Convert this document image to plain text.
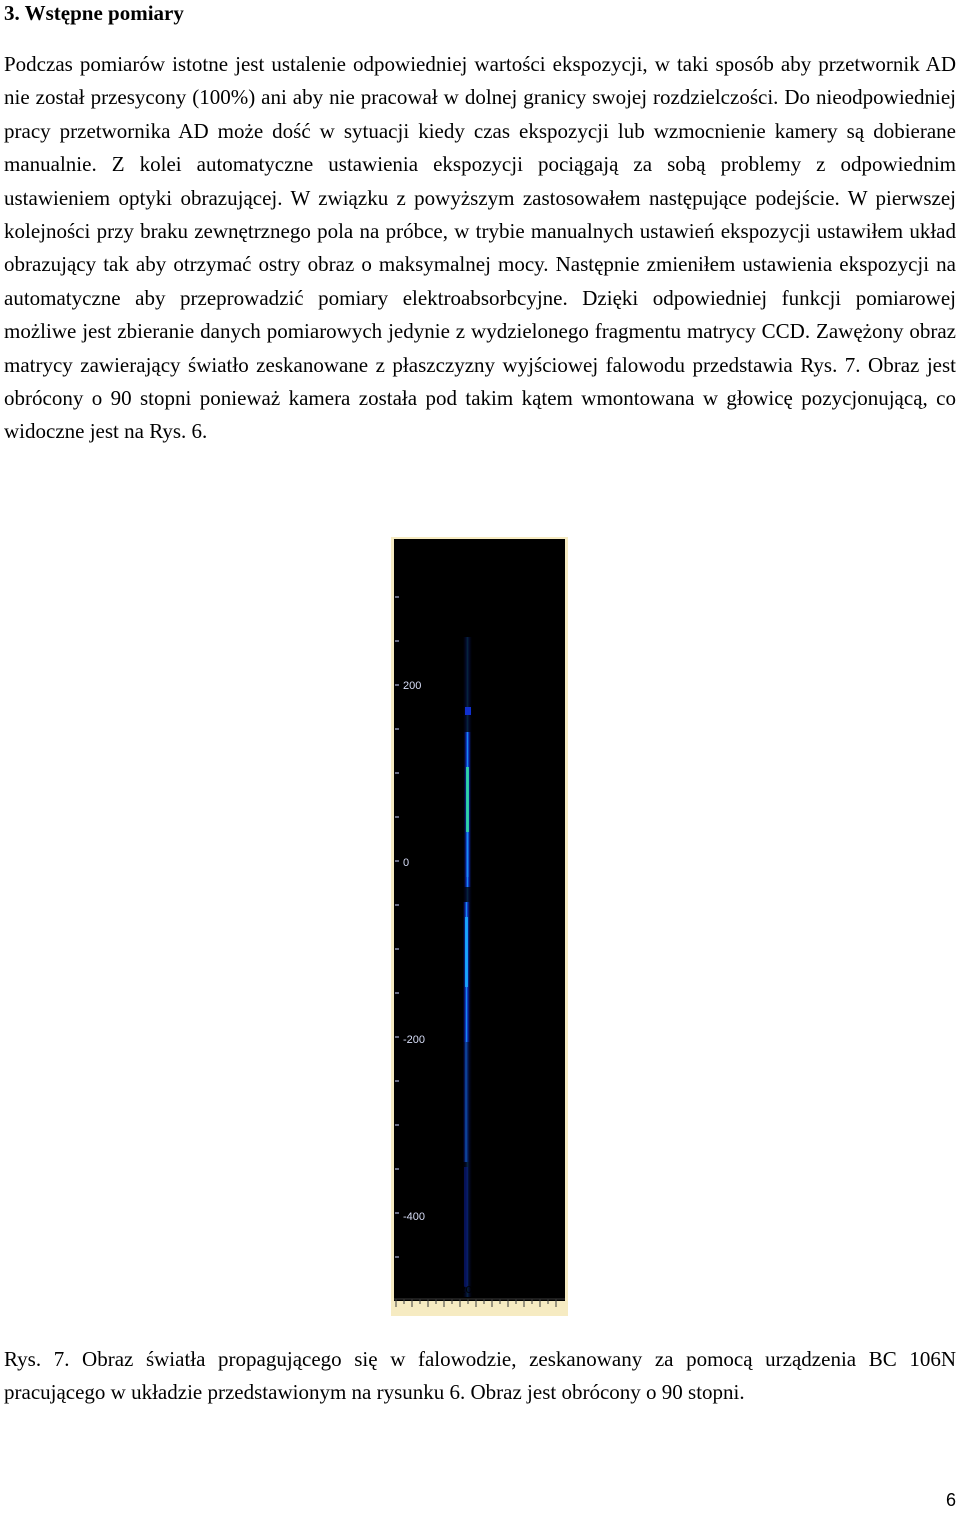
3. Wstępne pomiary

Podczas pomiarów istotne jest ustalenie odpowiedniej wartości ekspozycji, w taki sposób aby przetwornik AD nie został przesycony (100%) ani aby nie pracował w dolnej granicy swojej rozdzielczości. Do nieodpowiedniej pracy przetwornika AD może dość w sytuacji kiedy czas ekspozycji lub wzmocnienie kamery są dobierane manualnie. Z kolei automatyczne ustawienia ekspozycji pociągają za sobą problemy z odpowiednim ustawieniem optyki obrazującej. W związku z powyższym zastosowałem następujące podejście. W pierwszej kolejności przy braku zewnętrznego pola na próbce, w trybie manualnych ustawień ekspozycji ustawiłem układ obrazujący tak aby otrzymać ostry obraz o maksymalnej mocy. Następnie zmieniłem ustawienia ekspozycji na automatyczne aby przeprowadzić pomiary elektroabsorbcyjne. Dzięki odpowiedniej funkcji pomiarowej możliwe jest zbieranie danych pomiarowych jedynie z wydzielonego fragmentu matrycy CCD. Zawężony obraz matrycy zawierający światło zeskanowane z płaszczyzny wyjściowej falowodu przedstawia Rys. 7. Obraz jest obrócony o 90 stopni ponieważ kamera została pod takim kątem wmontowana w głowicę pozycjonującą, co widoczne jest na Rys. 6.

200
0
-200
-400
0080-60-40-20 0 20 40 60 80 10

Rys. 7. Obraz światła propagującego się w falowodzie, zeskanowany za pomocą urządzenia BC 106N pracującego w układzie przedstawionym na rysunku 6. Obraz jest obrócony o 90 stopni.

6
